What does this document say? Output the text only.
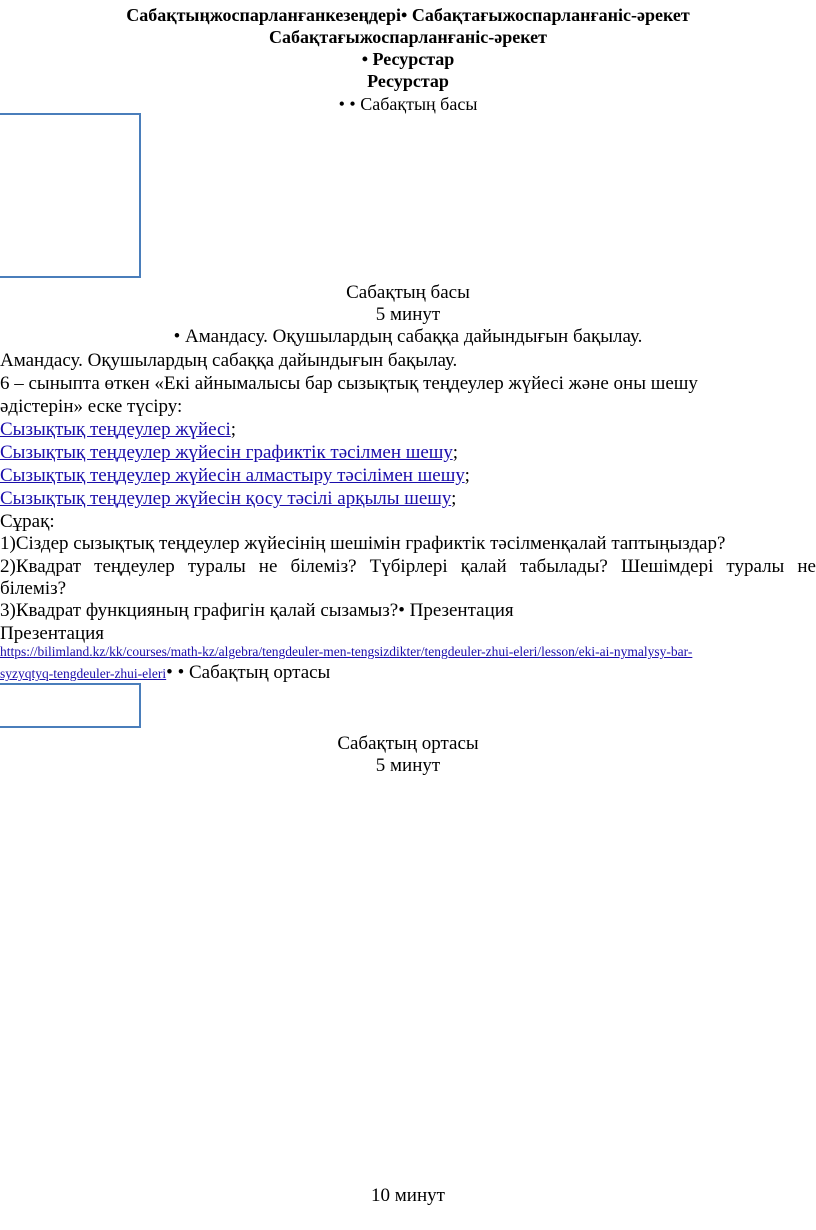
Сабақтыңжоспарланғанкезеңдері• Сабақтағыжоспарланғаніс-әрекет
Сабақтағыжоспарланғаніс-әрекет
• Ресурстар
Ресурстар
• • Сабақтың басы
Сабақтың басы
5 минут
• Амандасу. Оқушылардың сабаққа дайындығын бақылау.
Амандасу. Оқушылардың сабаққа дайындығын бақылау.
6 – сыныпта өткен «Екі айнымалысы бар сызықтық теңдеулер жүйесі және оны шешу
әдістерін» еске түсіру:
Сызықтық теңдеулер жүйесі;
Сызықтық теңдеулер жүйесін графиктік тәсілмен шешу;
Сызықтық теңдеулер жүйесін алмастыру тәсілімен шешу;
Сызықтық теңдеулер жүйесін қосу тәсілі арқылы шешу;
Сұрақ:
1)Сіздер сызықтық теңдеулер жүйесінің шешімін графиктік тәсілменқалай таптыңыздар?
2)Квадрат теңдеулер туралы не білеміз? Түбірлері қалай табылады? Шешімдері туралы не
білеміз?
3)Квадрат функцияның графигін қалай сызамыз?• Презентация
Презентация
https://bilimland.kz/kk/courses/math-kz/algebra/tengdeuler-men-tengsizdikter/tengdeuler-zhui-eleri/lesson/eki-ai-nymalysy-bar-
syzyqtyq-tengdeuler-zhui-eleri• • Сабақтың ортасы
Сабақтың ортасы
5 минут
10 минут
